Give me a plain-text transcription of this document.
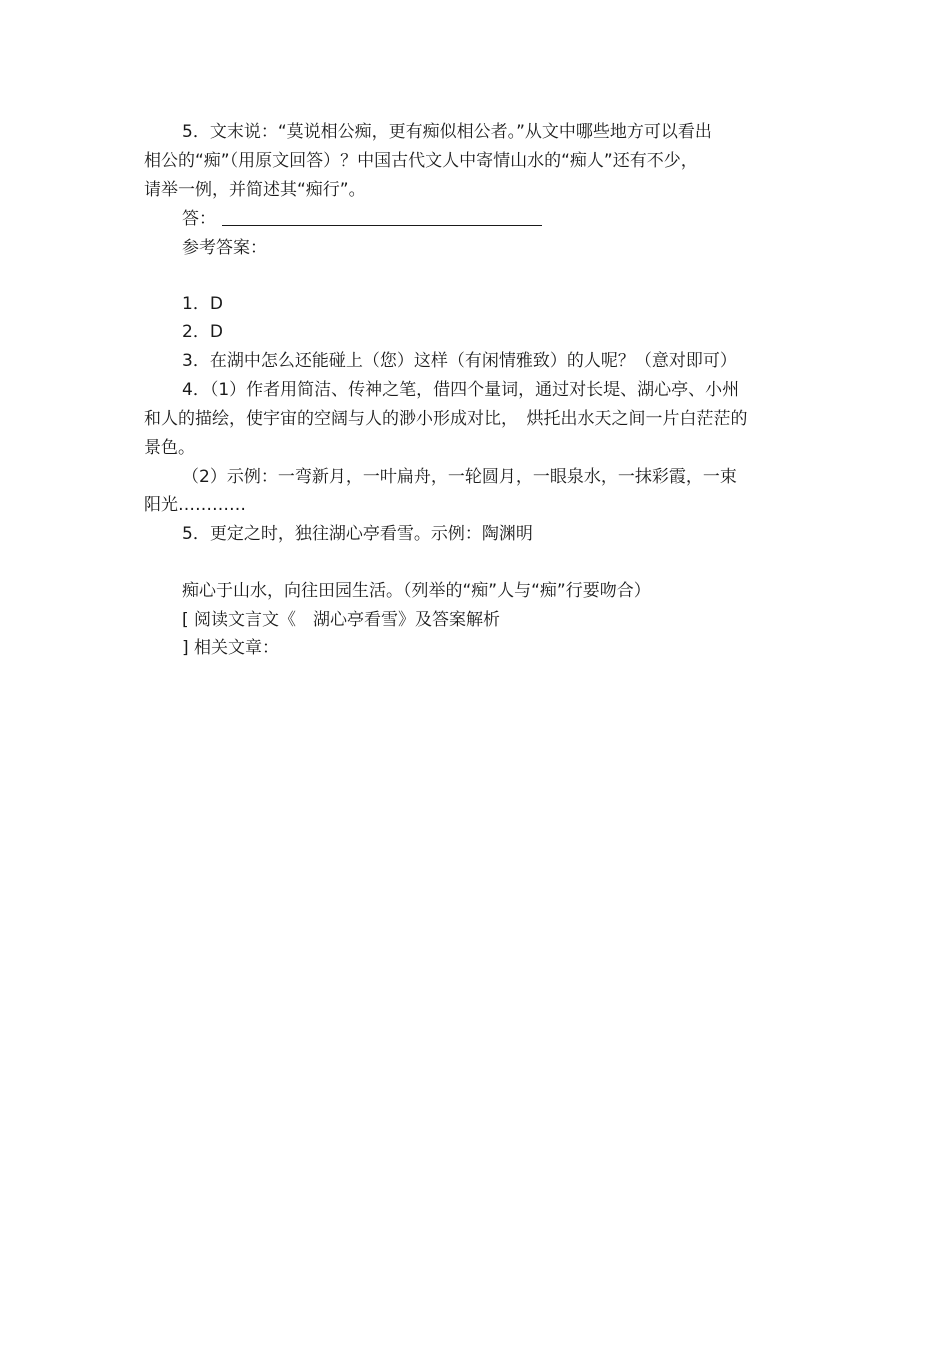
5．文末说：“莫说相公痴，更有痴似相公者。”从文中哪些地方可以看出
相公的“痴”（用原文回答）？中国古代文人中寄情山水的“痴人”还有不少，
请举一例，并简述其“痴行”。
答：
参考答案：
1．D
2．D
3．在湖中怎么还能碰上（您）这样（有闲情雅致）的人呢？（意对即可）
4．（1）作者用简洁、传神之笔，借四个量词，通过对长堤、湖心亭、小州
和人的描绘，使宇宙的空阔与人的渺小形成对比，　烘托出水天之间一片白茫茫的
景色。
（2）示例：一弯新月，一叶扁舟，一轮圆月，一眼泉水，一抹彩霞，一束
阳光…………
5．更定之时，独往湖心亭看雪。示例：陶渊明
痴心于山水，向往田园生活。（列举的“痴”人与“痴”行要吻合）
[ 阅读文言文《　湖心亭看雪》及答案解析
] 相关文章：
